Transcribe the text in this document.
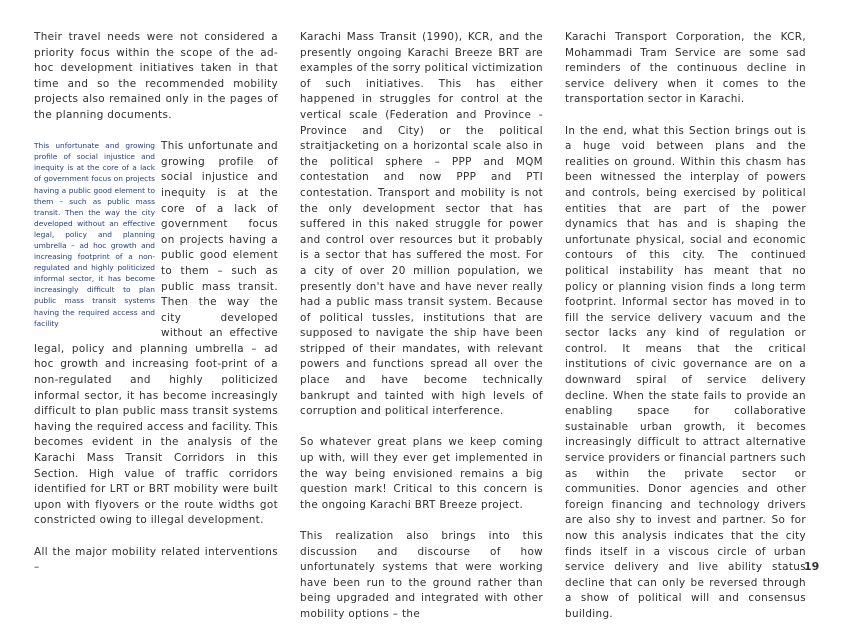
Their travel needs were not considered a priority focus within the scope of the ad-hoc development initiatives taken in that time and so the recommended mobility projects also remained only in the pages of the planning documents.

This unfortunate and growing profile of social injustice and inequity is at the core of a lack of government focus on projects having a public good element to them – such as public mass transit. Then the way the city developed without an effective legal, policy and planning umbrella – ad hoc growth and increasing footprint of a non-regulated and highly politicized informal sector, it has become increasingly difficult to plan public mass transit systems having the required access and facility
This unfortunate and growing profile of social injustice and inequity is at the core of a lack of government focus on projects having a public good element to them – such as public mass transit. Then the way the city developed without an effective legal, policy and planning umbrella – ad hoc growth and increasing foot-print of a non-regulated and highly politicized informal sector, it has become increasingly difficult to plan public mass transit systems having the required access and facility. This becomes evident in the analysis of the Karachi Mass Transit Corridors in this Section. High value of traffic corridors identified for LRT or BRT mobility were built upon with flyovers or the route widths got constricted owing to illegal development.

All the major mobility related interventions –

Karachi Mass Transit (1990), KCR, and the presently ongoing Karachi Breeze BRT are examples of the sorry political victimization of such initiatives. This has either happened in struggles for control at the vertical scale (Federation and Province - Province and City) or the political straitjacketing on a horizontal scale also in the political sphere – PPP and MQM contestation and now PPP and PTI contestation. Transport and mobility is not the only development sector that has suffered in this naked struggle for power and control over resources but it probably is a sector that has suffered the most. For a city of over 20 million population, we presently don't have and have never really had a public mass transit system. Because of political tussles, institutions that are supposed to navigate the ship have been stripped of their mandates, with relevant powers and functions spread all over the place and have become technically bankrupt and tainted with high levels of corruption and political interference.

So whatever great plans we keep coming up with, will they ever get implemented in the way being envisioned remains a big question mark! Critical to this concern is the ongoing Karachi BRT Breeze project.

This realization also brings into this discussion and discourse of how unfortunately systems that were working have been run to the ground rather than being upgraded and integrated with other mobility options – the

Karachi Transport Corporation, the KCR, Mohammadi Tram Service are some sad reminders of the continuous decline in service delivery when it comes to the transportation sector in Karachi.

In the end, what this Section brings out is a huge void between plans and the realities on ground. Within this chasm has been witnessed the interplay of powers and controls, being exercised by political entities that are part of the power dynamics that has and is shaping the unfortunate physical, social and economic contours of this city. The continued political instability has meant that no policy or planning vision finds a long term footprint. Informal sector has moved in to fill the service delivery vacuum and the sector lacks any kind of regulation or control. It means that the critical institutions of civic governance are on a downward spiral of service delivery decline. When the state fails to provide an enabling space for collaborative sustainable urban growth, it becomes increasingly difficult to attract alternative service providers or financial partners such as within the private sector or communities. Donor agencies and other foreign financing and technology drivers are also shy to invest and partner. So for now this analysis indicates that the city finds itself in a viscous circle of urban service delivery and live ability status decline that can only be reversed through a show of political will and consensus building.

19
